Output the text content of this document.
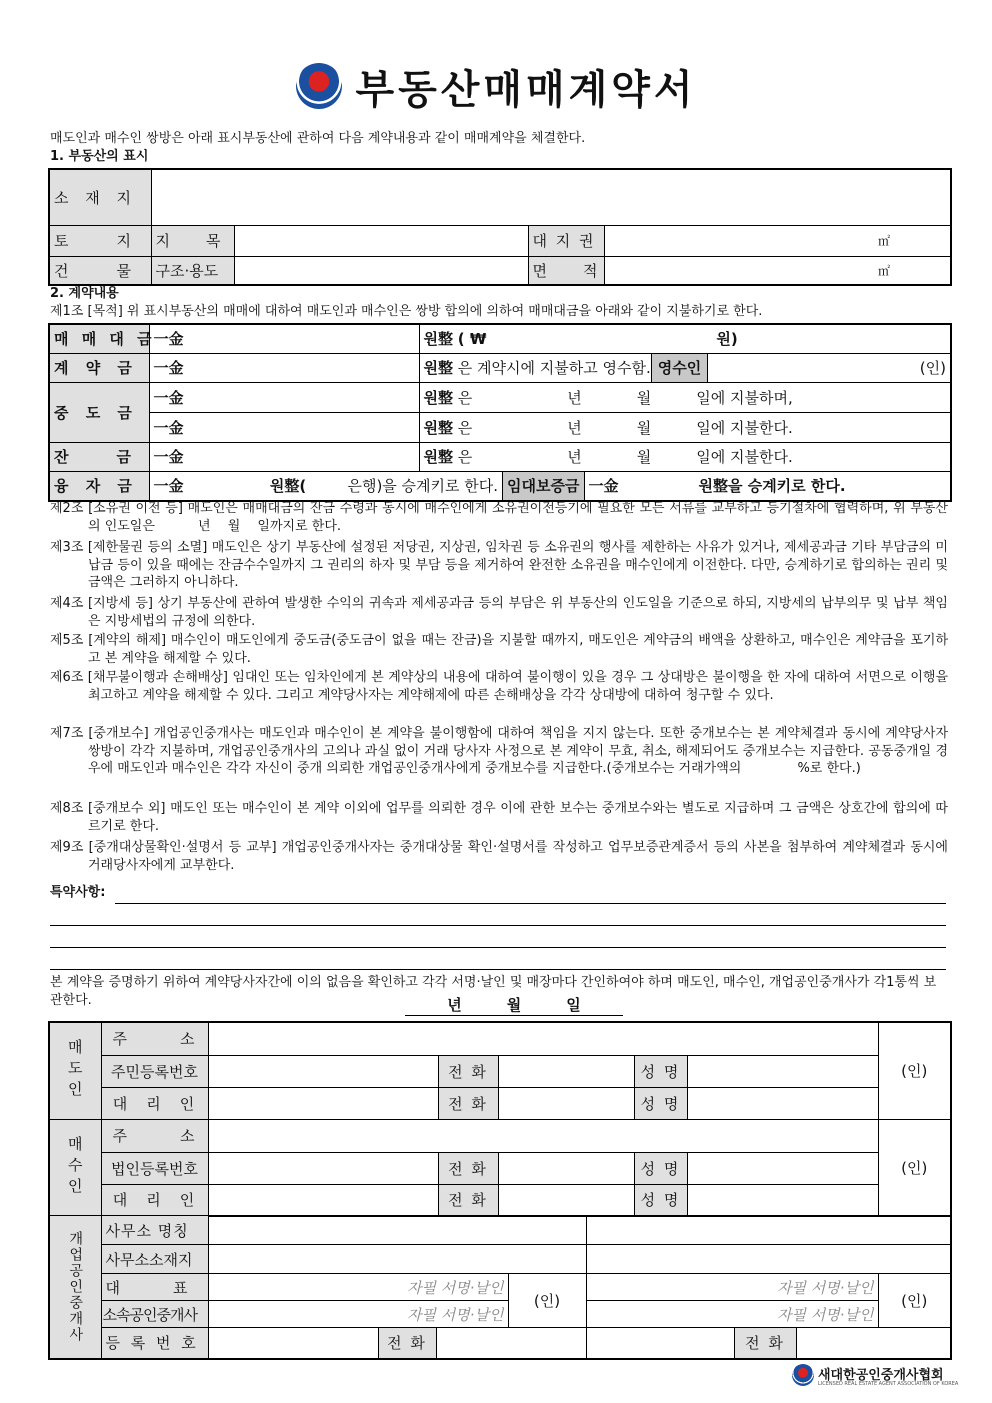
부동산매매계약서
매도인과 매수인 쌍방은 아래 표시부동산에 관하여 다음 계약내용과 같이 매매계약을 체결한다.
1. 부동산의 표시
소 재 지				
토　　지	지　　목		대 지 권	㎡
건　　물	구조·용도		면　　적	㎡
2. 계약내용
제1조 [목적] 위 표시부동산의 매매에 대하여 매도인과 매수인은 쌍방 합의에 의하여 매매대금을 아래와 같이 지불하기로 한다.
매 매 대 금	一金	원整 ( ₩ 원)		
계 약 금	一金	원整 은 계약시에 지불하고 영수함. 영수인		(인)
중 도 금	一金	원整 은 년 월 일에 지불하며,		
	一金	원整 은 년 월 일에 지불한다.		
잔　　금	一金	원整 은 년 월 일에 지불한다.		
융 자 금	一金 원整( 은행)을 승계키로 한다. 임대보증금		一金 원整을 승계키로 한다.	
제2조 [소유권 이전 등] 매도인은 매매대금의 잔금 수령과 동시에 매수인에게 소유권이전등기에 필요한 모든 서류를 교부하고 등기절차에 협력하며, 위 부동산의 인도일은 　　　년　 월　 일까지로 한다.
제3조 [제한물권 등의 소멸] 매도인은 상기 부동산에 설정된 저당권, 지상권, 임차권 등 소유권의 행사를 제한하는 사유가 있거나, 제세공과금 기타 부담금의 미납금 등이 있을 때에는 잔금수수일까지 그 권리의 하자 및 부담 등을 제거하여 완전한 소유권을 매수인에게 이전한다. 다만, 승계하기로 합의하는 권리 및 금액은 그러하지 아니하다.
제4조 [지방세 등] 상기 부동산에 관하여 발생한 수익의 귀속과 제세공과금 등의 부담은 위 부동산의 인도일을 기준으로 하되, 지방세의 납부의무 및 납부 책임은 지방세법의 규정에 의한다.
제5조 [계약의 해제] 매수인이 매도인에게 중도금(중도금이 없을 때는 잔금)을 지불할 때까지, 매도인은 계약금의 배액을 상환하고, 매수인은 계약금을 포기하고 본 계약을 해제할 수 있다.
제6조 [채무불이행과 손해배상] 임대인 또는 임차인에게 본 계약상의 내용에 대하여 불이행이 있을 경우 그 상대방은 불이행을 한 자에 대하여 서면으로 이행을 최고하고 계약을 해제할 수 있다. 그리고 계약당사자는 계약해제에 따른 손해배상을 각각 상대방에 대하여 청구할 수 있다.
제7조 [중개보수] 개업공인중개사는 매도인과 매수인이 본 계약을 불이행함에 대하여 책임을 지지 않는다. 또한 중개보수는 본 계약체결과 동시에 계약당사자 쌍방이 각각 지불하며, 개업공인중개사의 고의나 과실 없이 거래 당사자 사정으로 본 계약이 무효, 취소, 해제되어도 중개보수는 지급한다. 공동중개일 경우에 매도인과 매수인은 각각 자신이 중개 의뢰한 개업공인중개사에게 중개보수를 지급한다.(중개보수는 거래가액의 　　　　%로 한다.)
제8조 [중개보수 외] 매도인 또는 매수인이 본 계약 이외에 업무를 의뢰한 경우 이에 관한 보수는 중개보수와는 별도로 지급하며 그 금액은 상호간에 합의에 따르기로 한다.
제9조 [중개대상물확인·설명서 등 교부] 개업공인중개사자는 중개대상물 확인·설명서를 작성하고 업무보증관계증서 등의 사본을 첨부하여 계약체결과 동시에 거래당사자에게 교부한다.
특약사항:
본 계약을 증명하기 위하여 계약당사자간에 이의 없음을 확인하고 각각 서명·날인 및 매장마다 간인하여야 하며 매도인, 매수인, 개업공인중개사가 각1통씩 보관한다.	년　　　월　　　일
매도인	주　　　소						(인)
	주민등록번호		전 화		성 명		
	대　리　인		전 화		성 명		
매수인	주　　　소						(인)
	법인등록번호		전 화		성 명		
	대　리　인		전 화		성 명		
개업공인중개사	사무소 명칭								
	사무소소재지								
	대　　　표	자필 서명·날인			(인)	자필 서명·날인			(인)
	소속공인중개사	자필 서명·날인				자필 서명·날인			
	등 록 번 호		전 화				전 화		
새대한공인중개사협회
LICENSED REAL ESTATE AGENT ASSOCIATION OF KOREA
